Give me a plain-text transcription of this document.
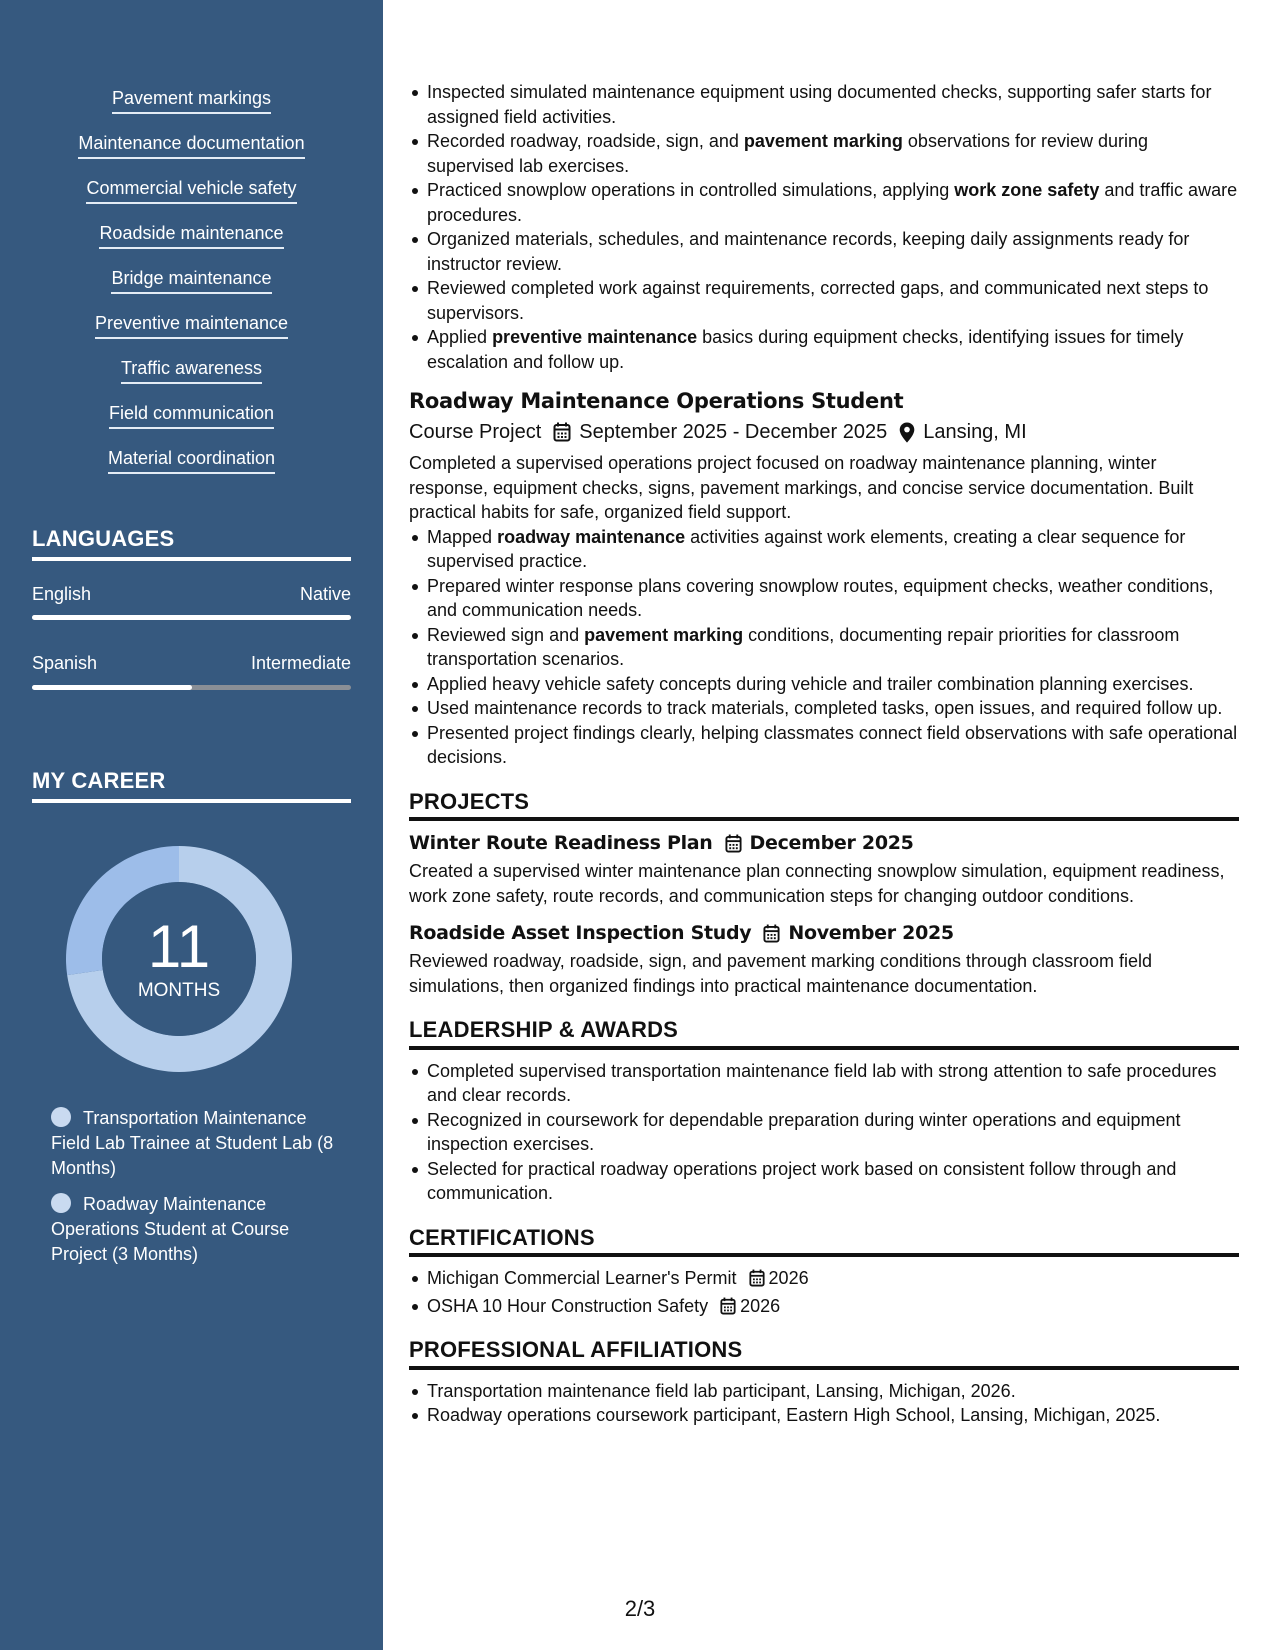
Pavement markings
Maintenance documentation
Commercial vehicle safety
Roadside maintenance
Bridge maintenance
Preventive maintenance
Traffic awareness
Field communication
Material coordination
LANGUAGES
English	Native
Spanish	Intermediate
MY CAREER
11
MONTHS
Transportation Maintenance Field Lab Trainee at Student Lab (8 Months)
Roadway Maintenance Operations Student at Course Project (3 Months)
Inspected simulated maintenance equipment using documented checks, supporting safer starts for assigned field activities.
Recorded roadway, roadside, sign, and pavement marking observations for review during supervised lab exercises.
Practiced snowplow operations in controlled simulations, applying work zone safety and traffic aware procedures.
Organized materials, schedules, and maintenance records, keeping daily assignments ready for instructor review.
Reviewed completed work against requirements, corrected gaps, and communicated next steps to supervisors.
Applied preventive maintenance basics during equipment checks, identifying issues for timely escalation and follow up.
Roadway Maintenance Operations Student
Course Project September 2025 - December 2025 Lansing, MI
Completed a supervised operations project focused on roadway maintenance planning, winter response, equipment checks, signs, pavement markings, and concise service documentation. Built practical habits for safe, organized field support.
Mapped roadway maintenance activities against work elements, creating a clear sequence for supervised practice.
Prepared winter response plans covering snowplow routes, equipment checks, weather conditions, and communication needs.
Reviewed sign and pavement marking conditions, documenting repair priorities for classroom transportation scenarios.
Applied heavy vehicle safety concepts during vehicle and trailer combination planning exercises.
Used maintenance records to track materials, completed tasks, open issues, and required follow up.
Presented project findings clearly, helping classmates connect field observations with safe operational decisions.
PROJECTS
Winter Route Readiness Plan December 2025
Created a supervised winter maintenance plan connecting snowplow simulation, equipment readiness, work zone safety, route records, and communication steps for changing outdoor conditions.
Roadside Asset Inspection Study November 2025
Reviewed roadway, roadside, sign, and pavement marking conditions through classroom field simulations, then organized findings into practical maintenance documentation.
LEADERSHIP & AWARDS
Completed supervised transportation maintenance field lab with strong attention to safe procedures and clear records.
Recognized in coursework for dependable preparation during winter operations and equipment inspection exercises.
Selected for practical roadway operations project work based on consistent follow through and communication.
CERTIFICATIONS
Michigan Commercial Learner's Permit 2026
OSHA 10 Hour Construction Safety 2026
PROFESSIONAL AFFILIATIONS
Transportation maintenance field lab participant, Lansing, Michigan, 2026.
Roadway operations coursework participant, Eastern High School, Lansing, Michigan, 2025.
2/3
